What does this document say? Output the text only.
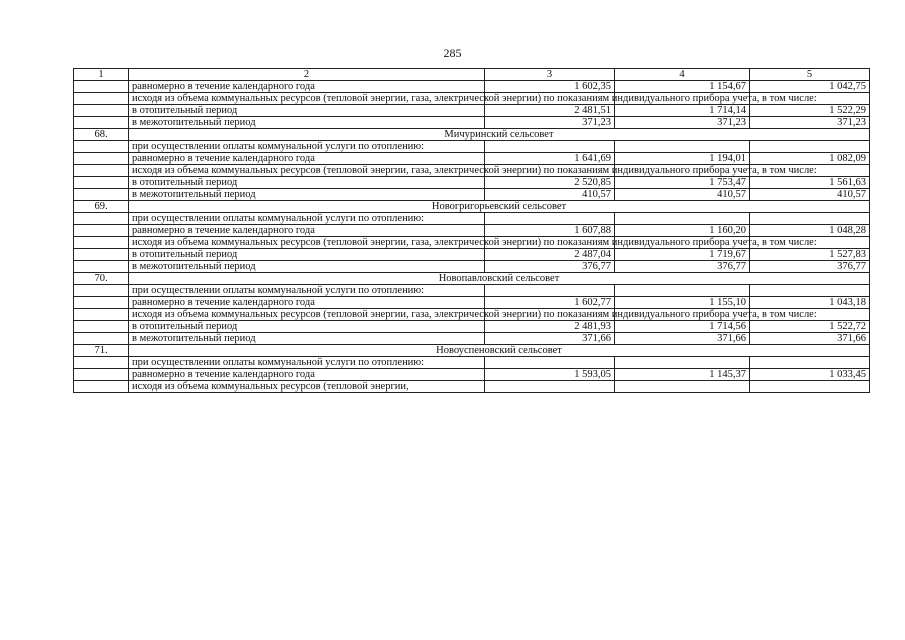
285
1	2	3	4	5
	равномерно в течение календарного года	1 602,35	1 154,67	1 042,75
	исходя из объема коммунальных ресурсов (тепловой энергии, газа, электрической энергии) по показаниям индивидуального прибора учета, в том числе:			
	в отопительный период	2 481,51	1 714,14	1 522,29
	в межотопительный период	371,23	371,23	371,23
68.	Мичуринский сельсовет			
	при осуществлении оплаты коммунальной услуги по отоплению:			
	равномерно в течение календарного года	1 641,69	1 194,01	1 082,09
	исходя из объема коммунальных ресурсов (тепловой энергии, газа, электрической энергии) по показаниям индивидуального прибора учета, в том числе:			
	в отопительный период	2 520,85	1 753,47	1 561,63
	в межотопительный период	410,57	410,57	410,57
69.	Новогригорьевский сельсовет			
	при осуществлении оплаты коммунальной услуги по отоплению:			
	равномерно в течение календарного года	1 607,88	1 160,20	1 048,28
	исходя из объема коммунальных ресурсов (тепловой энергии, газа, электрической энергии) по показаниям индивидуального прибора учета, в том числе:			
	в отопительный период	2 487,04	1 719,67	1 527,83
	в межотопительный период	376,77	376,77	376,77
70.	Новопавловский сельсовет			
	при осуществлении оплаты коммунальной услуги по отоплению:			
	равномерно в течение календарного года	1 602,77	1 155,10	1 043,18
	исходя из объема коммунальных ресурсов (тепловой энергии, газа, электрической энергии) по показаниям индивидуального прибора учета, в том числе:			
	в отопительный период	2 481,93	1 714,56	1 522,72
	в межотопительный период	371,66	371,66	371,66
71.	Новоуспеновский сельсовет			
	при осуществлении оплаты коммунальной услуги по отоплению:			
	равномерно в течение календарного года	1 593,05	1 145,37	1 033,45
	исходя из объема коммунальных ресурсов (тепловой энергии,			
